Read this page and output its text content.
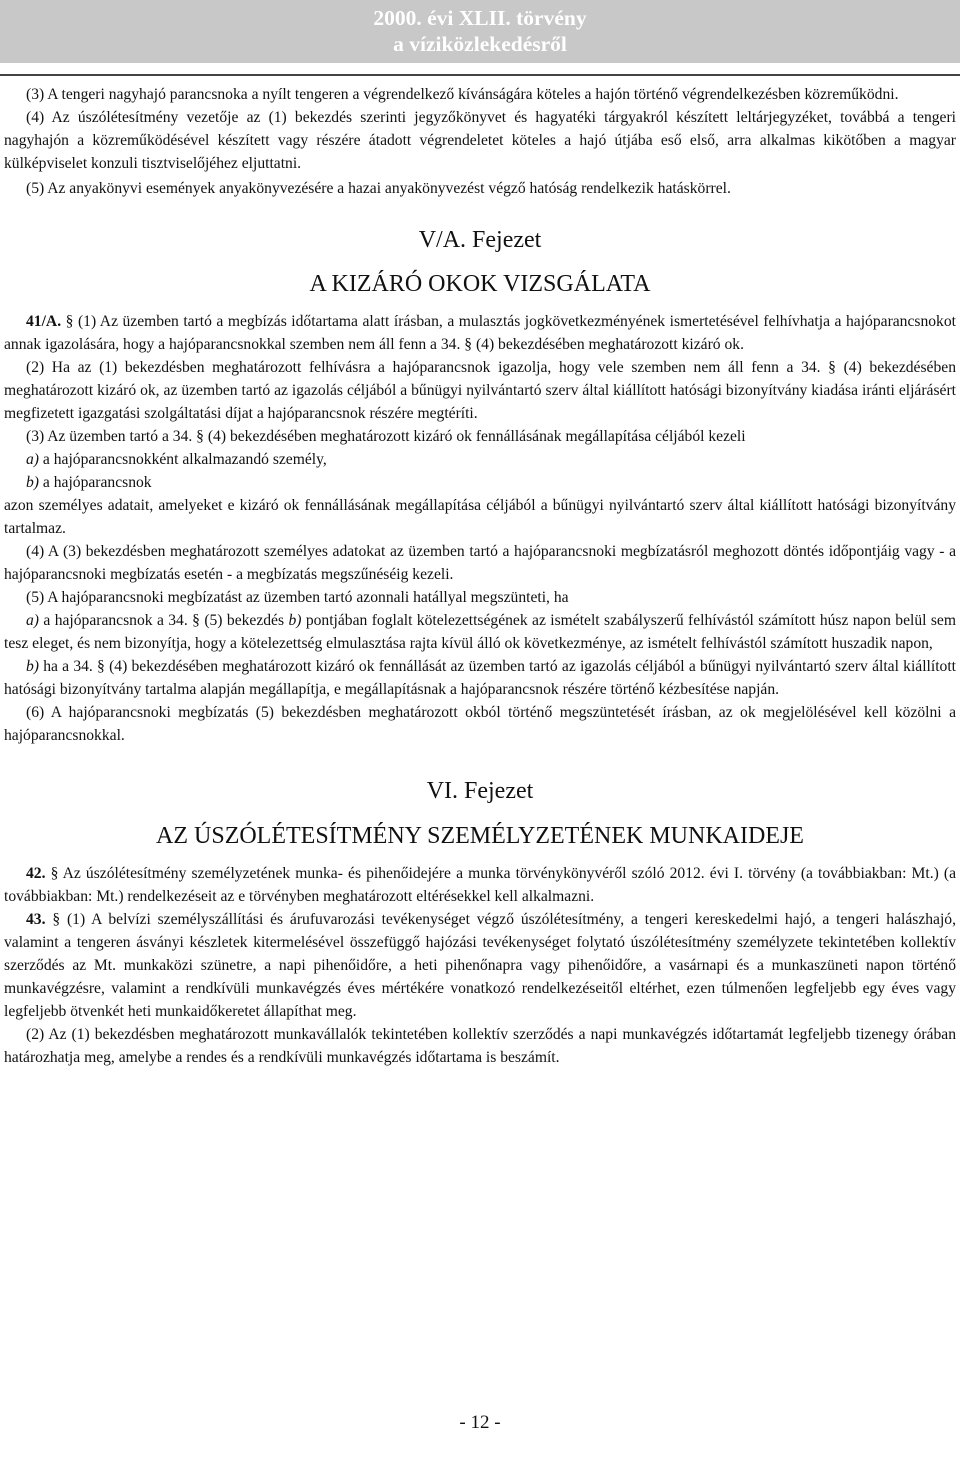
2000. évi XLII. törvény
a víziközlekedésről

(3) A tengeri nagyhajó parancsnoka a nyílt tengeren a végrendelkező kívánságára köteles a hajón történő végrendelkezésben közreműködni.

(4) Az úszólétesítmény vezetője az (1) bekezdés szerinti jegyzőkönyvet és hagyatéki tárgyakról készített leltárjegyzéket, továbbá a tengeri nagyhajón a közreműködésével készített vagy részére átadott végrendeletet köteles a hajó útjába eső első, arra alkalmas kikötőben a magyar külképviselet konzuli tisztviselőjéhez eljuttatni.

(5) Az anyakönyvi események anyakönyvezésére a hazai anyakönyvezést végző hatóság rendelkezik hatáskörrel.

V/A. Fejezet

A KIZÁRÓ OKOK VIZSGÁLATA

41/A. § (1) Az üzemben tartó a megbízás időtartama alatt írásban, a mulasztás jogkövetkezményének ismertetésével felhívhatja a hajóparancsnokot annak igazolására, hogy a hajóparancsnokkal szemben nem áll fenn a 34. § (4) bekezdésében meghatározott kizáró ok.

(2) Ha az (1) bekezdésben meghatározott felhívásra a hajóparancsnok igazolja, hogy vele szemben nem áll fenn a 34. § (4) bekezdésében meghatározott kizáró ok, az üzemben tartó az igazolás céljából a bűnügyi nyilvántartó szerv által kiállított hatósági bizonyítvány kiadása iránti eljárásért megfizetett igazgatási szolgáltatási díjat a hajóparancsnok részére megtéríti.

(3) Az üzemben tartó a 34. § (4) bekezdésében meghatározott kizáró ok fennállásának megállapítása céljából kezeli

a) a hajóparancsnokként alkalmazandó személy,

b) a hajóparancsnok

azon személyes adatait, amelyeket e kizáró ok fennállásának megállapítása céljából a bűnügyi nyilvántartó szerv által kiállított hatósági bizonyítvány tartalmaz.

(4) A (3) bekezdésben meghatározott személyes adatokat az üzemben tartó a hajóparancsnoki megbízatásról meghozott döntés időpontjáig vagy - a hajóparancsnoki megbízatás esetén - a megbízatás megszűnéséig kezeli.

(5) A hajóparancsnoki megbízatást az üzemben tartó azonnali hatállyal megszünteti, ha

a) a hajóparancsnok a 34. § (5) bekezdés b) pontjában foglalt kötelezettségének az ismételt szabályszerű felhívástól számított húsz napon belül sem tesz eleget, és nem bizonyítja, hogy a kötelezettség elmulasztása rajta kívül álló ok következménye, az ismételt felhívástól számított huszadik napon,

b) ha a 34. § (4) bekezdésében meghatározott kizáró ok fennállását az üzemben tartó az igazolás céljából a bűnügyi nyilvántartó szerv által kiállított hatósági bizonyítvány tartalma alapján megállapítja, e megállapításnak a hajóparancsnok részére történő kézbesítése napján.

(6) A hajóparancsnoki megbízatás (5) bekezdésben meghatározott okból történő megszüntetését írásban, az ok megjelölésével kell közölni a hajóparancsnokkal.

VI. Fejezet

AZ ÚSZÓLÉTESÍTMÉNY SZEMÉLYZETÉNEK MUNKAIDEJE

42. § Az úszólétesítmény személyzetének munka- és pihenőidejére a munka törvénykönyvéről szóló 2012. évi I. törvény (a továbbiakban: Mt.) (a továbbiakban: Mt.) rendelkezéseit az e törvényben meghatározott eltérésekkel kell alkalmazni.

43. § (1) A belvízi személyszállítási és árufuvarozási tevékenységet végző úszólétesítmény, a tengeri kereskedelmi hajó, a tengeri halászhajó, valamint a tengeren ásványi készletek kitermelésével összefüggő hajózási tevékenységet folytató úszólétesítmény személyzete tekintetében kollektív szerződés az Mt. munkaközi szünetre, a napi pihenőidőre, a heti pihenőnapra vagy pihenőidőre, a vasárnapi és a munkaszüneti napon történő munkavégzésre, valamint a rendkívüli munkavégzés éves mértékére vonatkozó rendelkezéseitől eltérhet, ezen túlmenően legfeljebb egy éves vagy legfeljebb ötvenkét heti munkaidőkeretet állapíthat meg.

(2) Az (1) bekezdésben meghatározott munkavállalók tekintetében kollektív szerződés a napi munkavégzés időtartamát legfeljebb tizenegy órában határozhatja meg, amelybe a rendes és a rendkívüli munkavégzés időtartama is beszámít.

- 12 -
